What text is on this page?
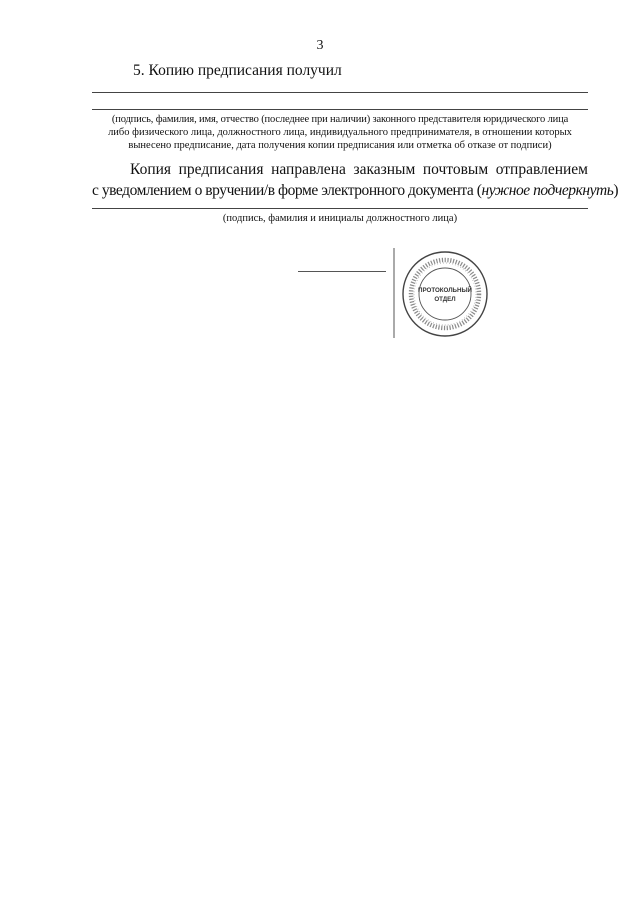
3
5. Копию предписания получил
(подпись, фамилия, имя, отчество (последнее при наличии) законного представителя юридического лица
либо физического лица, должностного лица, индивидуального предпринимателя, в отношении которых
вынесено предписание, дата получения копии предписания или отметка об отказе от подписи)
Копия предписания направлена заказным почтовым отправлением
с уведомлением о вручении/в форме электронного документа (нужное подчеркнуть)
(подпись, фамилия и инициалы должностного лица)
ПРОТОКОЛЬНЫЙ
ОТДЕЛ
